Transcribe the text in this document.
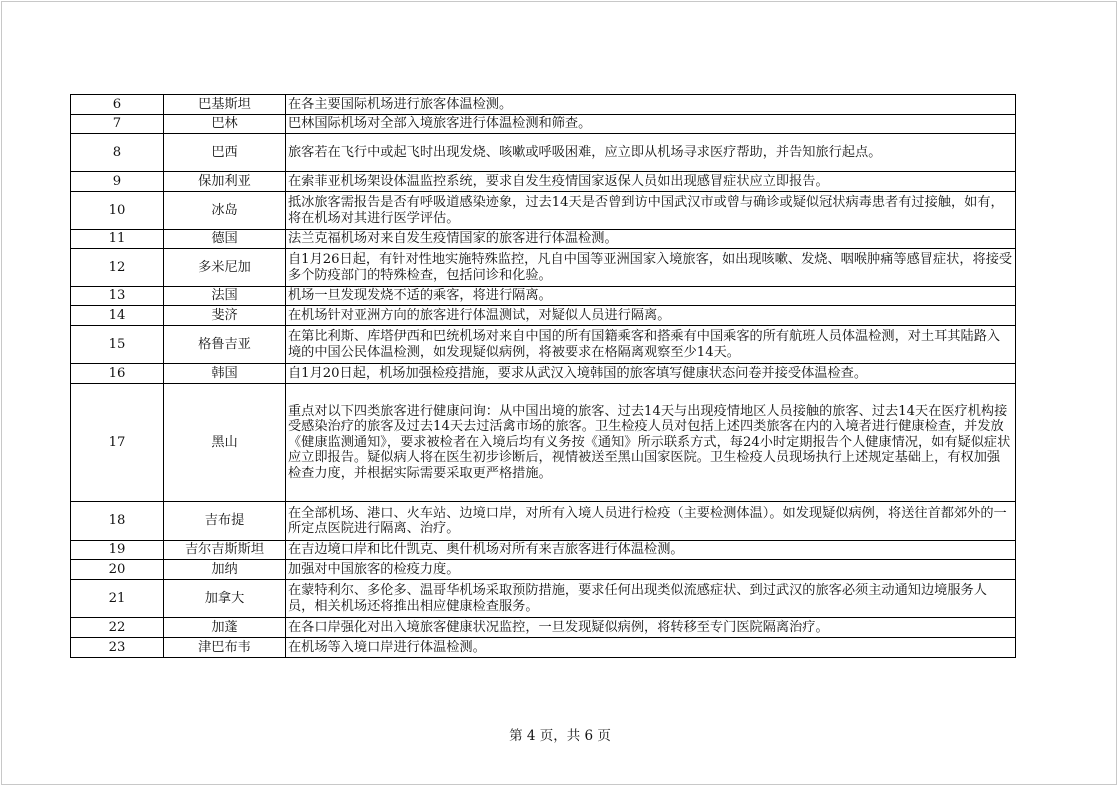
6	巴基斯坦	在各主要国际机场进行旅客体温检测。
7	巴林	巴林国际机场对全部入境旅客进行体温检测和筛查。
8	巴西	旅客若在飞行中或起飞时出现发烧、咳嗽或呼吸困难，应立即从机场寻求医疗帮助，并告知旅行起点。
9	保加利亚	在索菲亚机场架设体温监控系统，要求自发生疫情国家返保人员如出现感冒症状应立即报告。
10	冰岛	抵冰旅客需报告是否有呼吸道感染迹象，过去14天是否曾到访中国武汉市或曾与确诊或疑似冠状病毒患者有过接触，如有，将在机场对其进行医学评估。
11	德国	法兰克福机场对来自发生疫情国家的旅客进行体温检测。
12	多米尼加	自1月26日起，有针对性地实施特殊监控，凡自中国等亚洲国家入境旅客，如出现咳嗽、发烧、咽喉肿痛等感冒症状，将接受多个防疫部门的特殊检查，包括问诊和化验。
13	法国	机场一旦发现发烧不适的乘客，将进行隔离。
14	斐济	在机场针对亚洲方向的旅客进行体温测试，对疑似人员进行隔离。
15	格鲁吉亚	在第比利斯、库塔伊西和巴统机场对来自中国的所有国籍乘客和搭乘有中国乘客的所有航班人员体温检测，对土耳其陆路入境的中国公民体温检测，如发现疑似病例，将被要求在格隔离观察至少14天。
16	韩国	自1月20日起，机场加强检疫措施，要求从武汉入境韩国的旅客填写健康状态问卷并接受体温检查。
17	黑山	重点对以下四类旅客进行健康问询：从中国出境的旅客、过去14天与出现疫情地区人员接触的旅客、过去14天在医疗机构接受感染治疗的旅客及过去14天去过活禽市场的旅客。卫生检疫人员对包括上述四类旅客在内的入境者进行健康检查，并发放《健康监测通知》，要求被检者在入境后均有义务按《通知》所示联系方式，每24小时定期报告个人健康情况，如有疑似症状应立即报告。疑似病人将在医生初步诊断后，视情被送至黑山国家医院。卫生检疫人员现场执行上述规定基础上，有权加强检查力度，并根据实际需要采取更严格措施。
18	吉布提	在全部机场、港口、火车站、边境口岸，对所有入境人员进行检疫（主要检测体温）。如发现疑似病例，将送往首都郊外的一所定点医院进行隔离、治疗。
19	吉尔吉斯斯坦	在吉边境口岸和比什凯克、奥什机场对所有来吉旅客进行体温检测。
20	加纳	加强对中国旅客的检疫力度。
21	加拿大	在蒙特利尔、多伦多、温哥华机场采取预防措施，要求任何出现类似流感症状、到过武汉的旅客必须主动通知边境服务人员，相关机场还将推出相应健康检查服务。
22	加蓬	在各口岸强化对出入境旅客健康状况监控，一旦发现疑似病例，将转移至专门医院隔离治疗。
23	津巴布韦	在机场等入境口岸进行体温检测。
第 4 页，共 6 页
